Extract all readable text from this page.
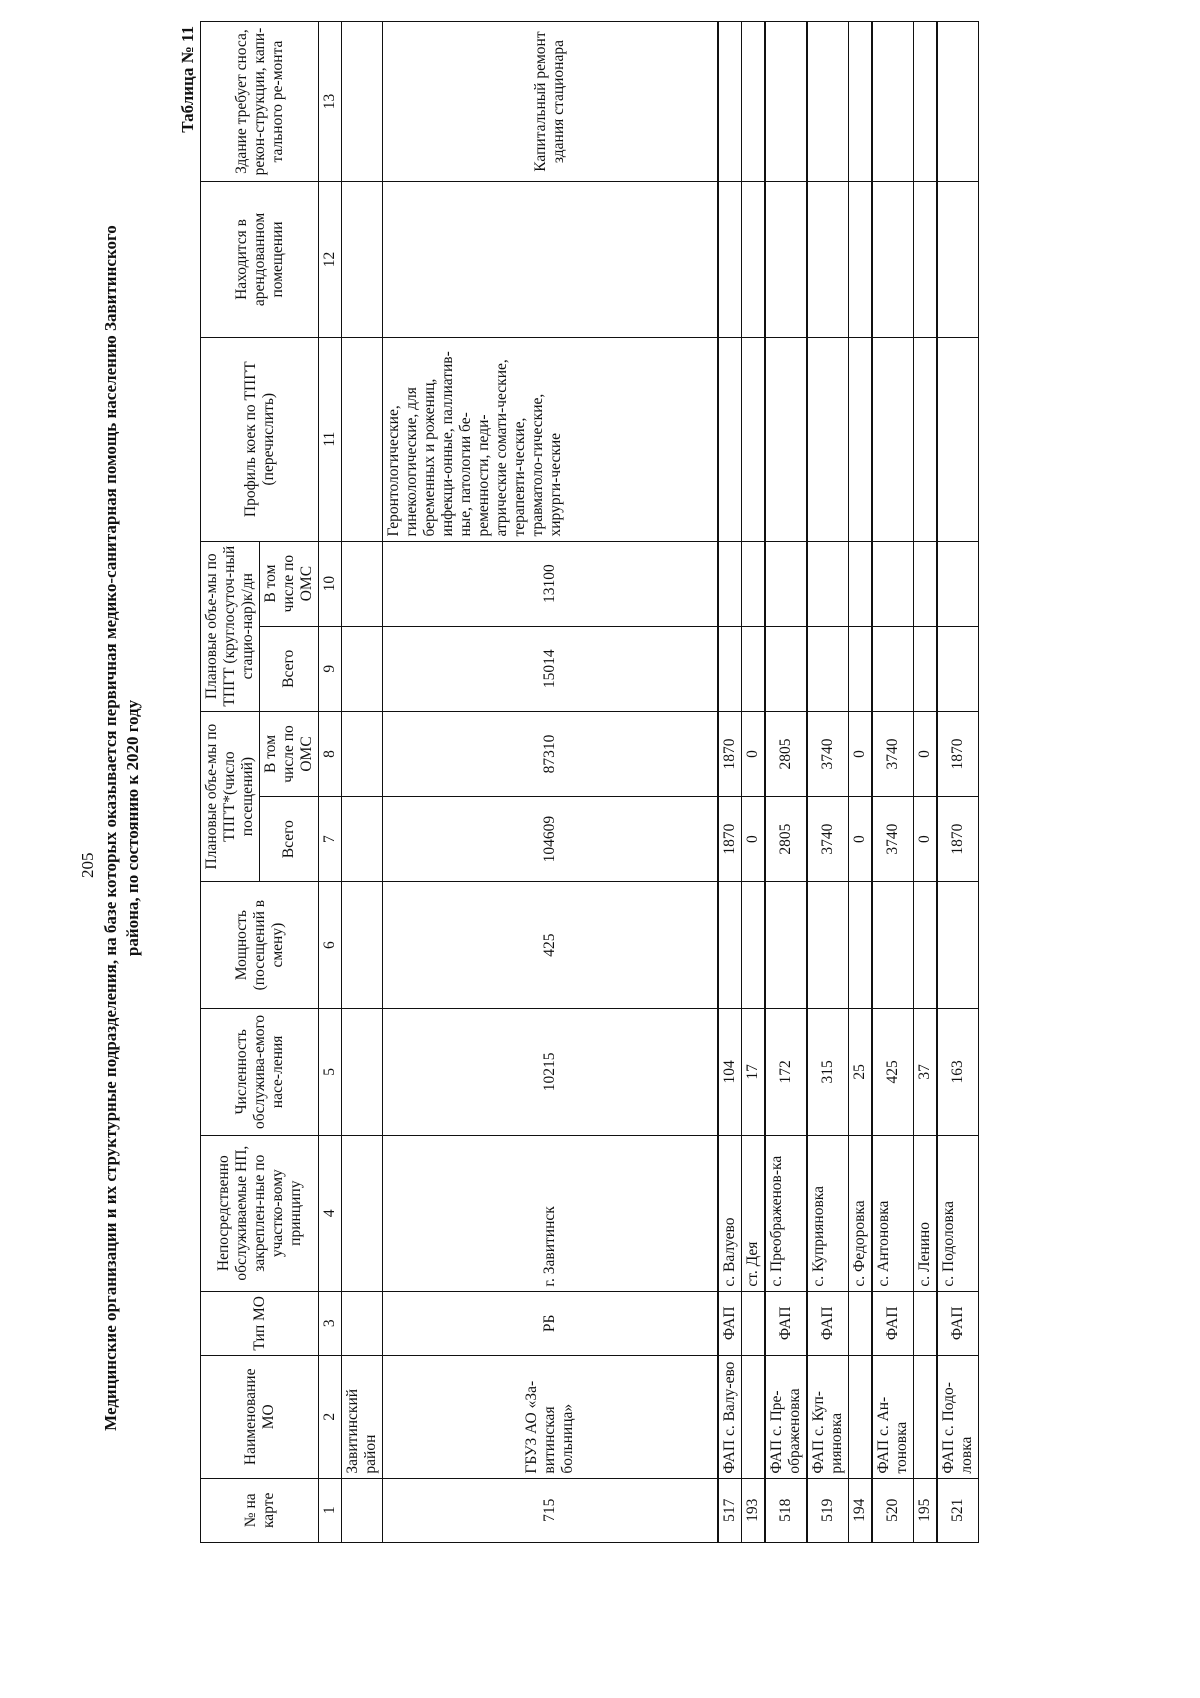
205 Медицинские организации и их структурные подразделения, на базе которых оказывается первичная медико-санитарная помощь населению Завитинского района, по состоянию к 2020 году
Таблица № 11
№ на карте	Наименование МО	Тип МО	Непосредственно обслуживаемые НП, закреплен-ные по участко-вому принципу	Численность обслужива-емого насе-ления	Мощность (посещений в смену)	Плановые объе-мы по ТПГТ*(число посещений)		Плановые объе-мы по ТПГТ (круглосуточ-ный стацио-нар)к/дн		Профиль коек по ТПГТ (перечислить)	Находится в арендованном помещении	Здание требует сноса, рекон-струкции, капи-тального ре-монта
						Всего	В том числе по ОМС	Всего	В том числе по ОМС			
1	2	3	4	5	6	7	8	9	10	11	12	13
	Завитинский район											
715	ГБУЗ АО «За-витинская больница»	РБ	г. Завитинск	10215	425	104609	87310	15014	13100	Геронтологические, гинекологические, для беременных и рожениц, инфекци-онные, паллиатив-ные, патологии бе-ременности, педи-атрические сомати-ческие, терапевти-ческие, травматоло-гические, хирурги-ческие		Капитальный ремонт здания стационара
517	ФАП с. Валу-ево	ФАП	с. Валуево	104		1870	1870					
193			ст. Дея	17		0	0					
518	ФАП с. Пре-ображеновка	ФАП	с. Преображенов-ка	172		2805	2805					
519	ФАП с. Куп-рияновка	ФАП	с. Куприяновка	315		3740	3740					
194			с. Федоровка	25		0	0					
520	ФАП с. Ан-тоновка	ФАП	с. Антоновка	425		3740	3740					
195			с. Ленино	37		0	0					
521	ФАП с. Подо-ловка	ФАП	с. Подоловка	163		1870	1870					
